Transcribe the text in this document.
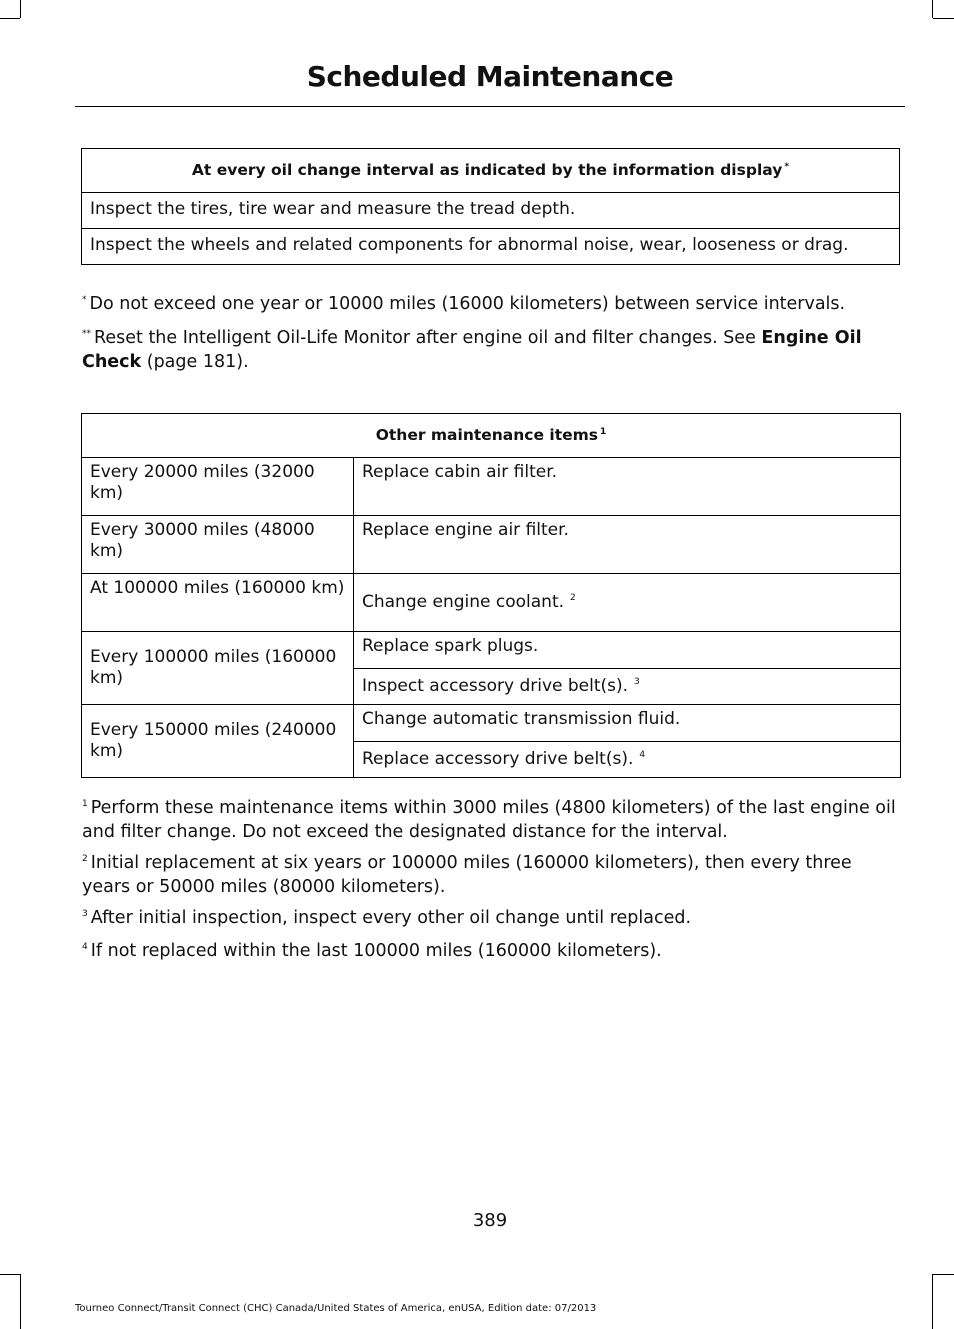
Scheduled Maintenance
At every oil change interval as indicated by the information display *
Inspect the tires, tire wear and measure the tread depth.
Inspect the wheels and related components for abnormal noise, wear, looseness or drag.

* Do not exceed one year or 10000 miles (16000 kilometers) between service intervals.

** Reset the Intelligent Oil-Life Monitor after engine oil and filter changes. See Engine Oil Check (page 181).

Other maintenance items $^1$
Every 20000 miles (32000 km)	Replace cabin air filter.
Every 30000 miles (48000 km)	Replace engine air filter.
At 100000 miles (160000 km)	Change engine coolant. $^2$
Every 100000 miles (160000 km)	Replace spark plugs.
	Inspect accessory drive belt(s). $^3$
Every 150000 miles (240000 km)	Change automatic transmission fluid.
	Replace accessory drive belt(s). $^4$

$^1$ Perform these maintenance items within 3000 miles (4800 kilometers) of the last engine oil and filter change. Do not exceed the designated distance for the interval.

$^2$ Initial replacement at six years or 100000 miles (160000 kilometers), then every three years or 50000 miles (80000 kilometers).

$^3$ After initial inspection, inspect every other oil change until replaced.

$^4$ If not replaced within the last 100000 miles (160000 kilometers).

389
Tourneo Connect/Transit Connect (CHC) Canada/United States of America, enUSA, Edition date: 07/2013
